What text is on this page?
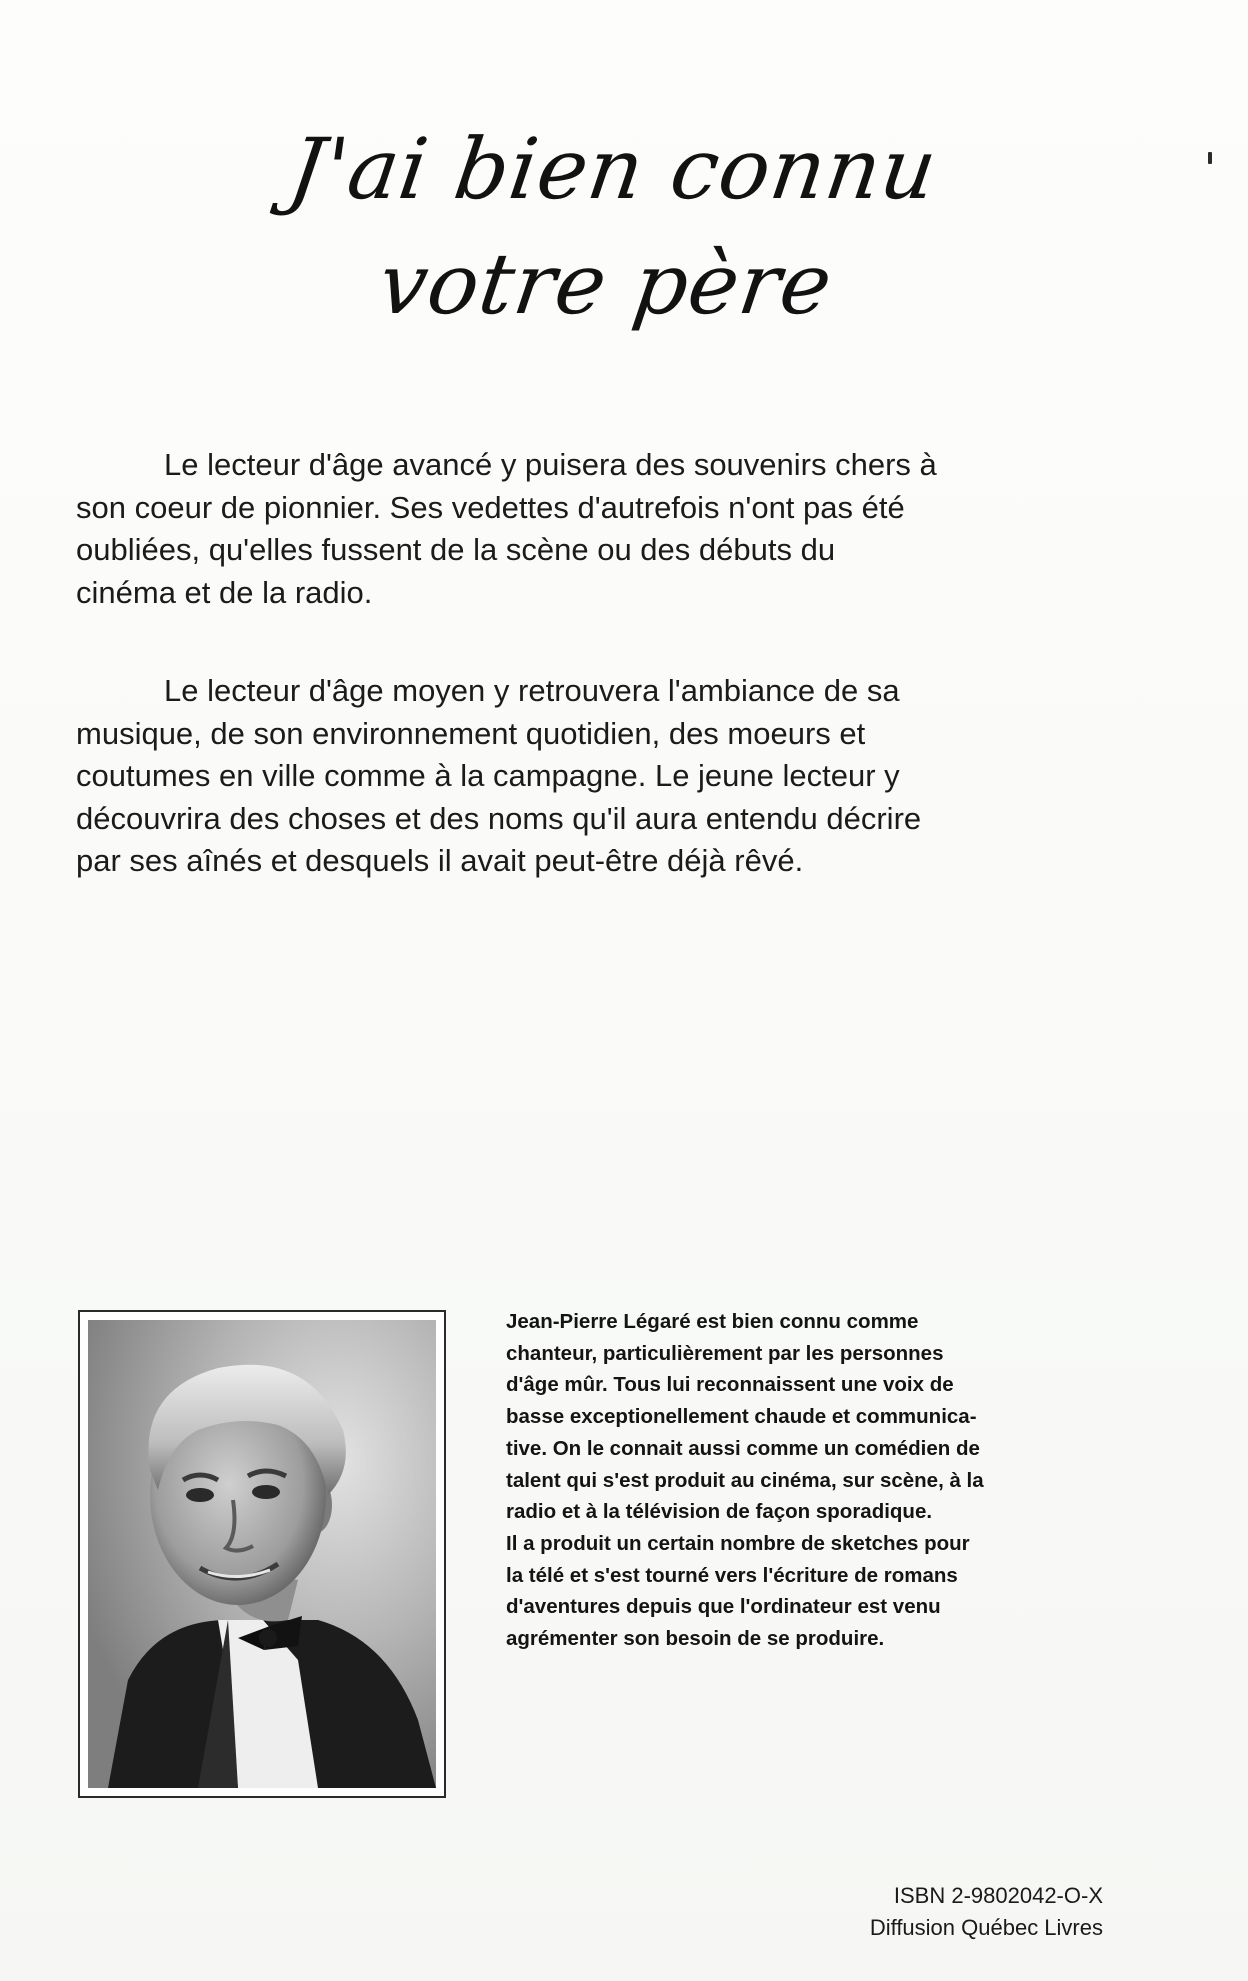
J'ai bien connu
votre père
Le lecteur d'âge avancé y puisera des souvenirs chers à
son coeur de pionnier. Ses vedettes d'autrefois n'ont pas été
oubliées, qu'elles fussent de la scène ou des débuts du
cinéma et de la radio.
Le lecteur d'âge moyen y retrouvera l'ambiance de sa
musique, de son environnement quotidien, des moeurs et
coutumes en ville comme à la campagne. Le jeune lecteur y
découvrira des choses et des noms qu'il aura entendu décrire
par ses aînés et desquels il avait peut-être déjà rêvé.
Jean-Pierre Légaré est bien connu comme
chanteur, particulièrement par les personnes
d'âge mûr. Tous lui reconnaissent une voix de
basse exceptionellement chaude et communica-
tive. On le connait aussi comme un comédien de
talent qui s'est produit au cinéma, sur scène, à la
radio et à la télévision de façon sporadique.
Il a produit un certain nombre de sketches pour
la télé et s'est tourné vers l'écriture de romans
d'aventures depuis que l'ordinateur est venu
agrémenter son besoin de se produire.
ISBN 2-9802042-O-X
Diffusion Québec Livres
